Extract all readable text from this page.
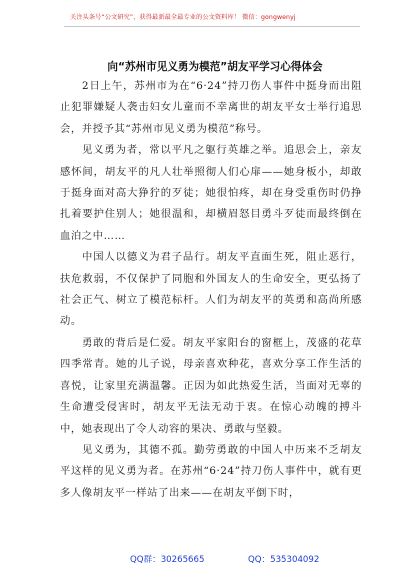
关注头条号“公文研究”，获得最新最全最专业的公文资料库！ 微信：gongwenyj
向“苏州市见义勇为模范”胡友平学习心得体会

2日上午，苏州市为在“6·24”持刀伤人事件中挺身而出阻止犯罪嫌疑人袭击妇女儿童而不幸离世的胡友平女士举行追思会，并授予其“苏州市见义勇为模范”称号。

见义勇为者，常以平凡之躯行英雄之举。追思会上，亲友感怀间，胡友平的凡人壮举照彻人们心扉——她身板小，却敢于挺身面对高大狰狞的歹徒；她很怕疼，却在身受重伤时仍挣扎着要护住别人；她很温和，却横眉怒目勇斗歹徒而最终倒在血泊之中……

中国人以德义为君子品行。胡友平直面生死，阻止恶行，扶危救弱，不仅保护了同胞和外国友人的生命安全，更弘扬了社会正气、树立了模范标杆。人们为胡友平的英勇和高尚所感动。

勇敢的背后是仁爱。胡友平家阳台的窗框上，茂盛的花草四季常青。她的儿子说，母亲喜欢种花，喜欢分享工作生活的喜悦，让家里充满温馨。正因为如此热爱生活，当面对无辜的生命遭受侵害时，胡友平无法无动于衷。在惊心动魄的搏斗中，她表现出了令人动容的果决、勇敢与坚毅。

见义勇为，其德不孤。勤劳勇敢的中国人中历来不乏胡友平这样的见义勇为者。在苏州“6·24”持刀伤人事件中，就有更多人像胡友平一样站了出来——在胡友平倒下时，

QQ群：30265665	QQ：535304092
